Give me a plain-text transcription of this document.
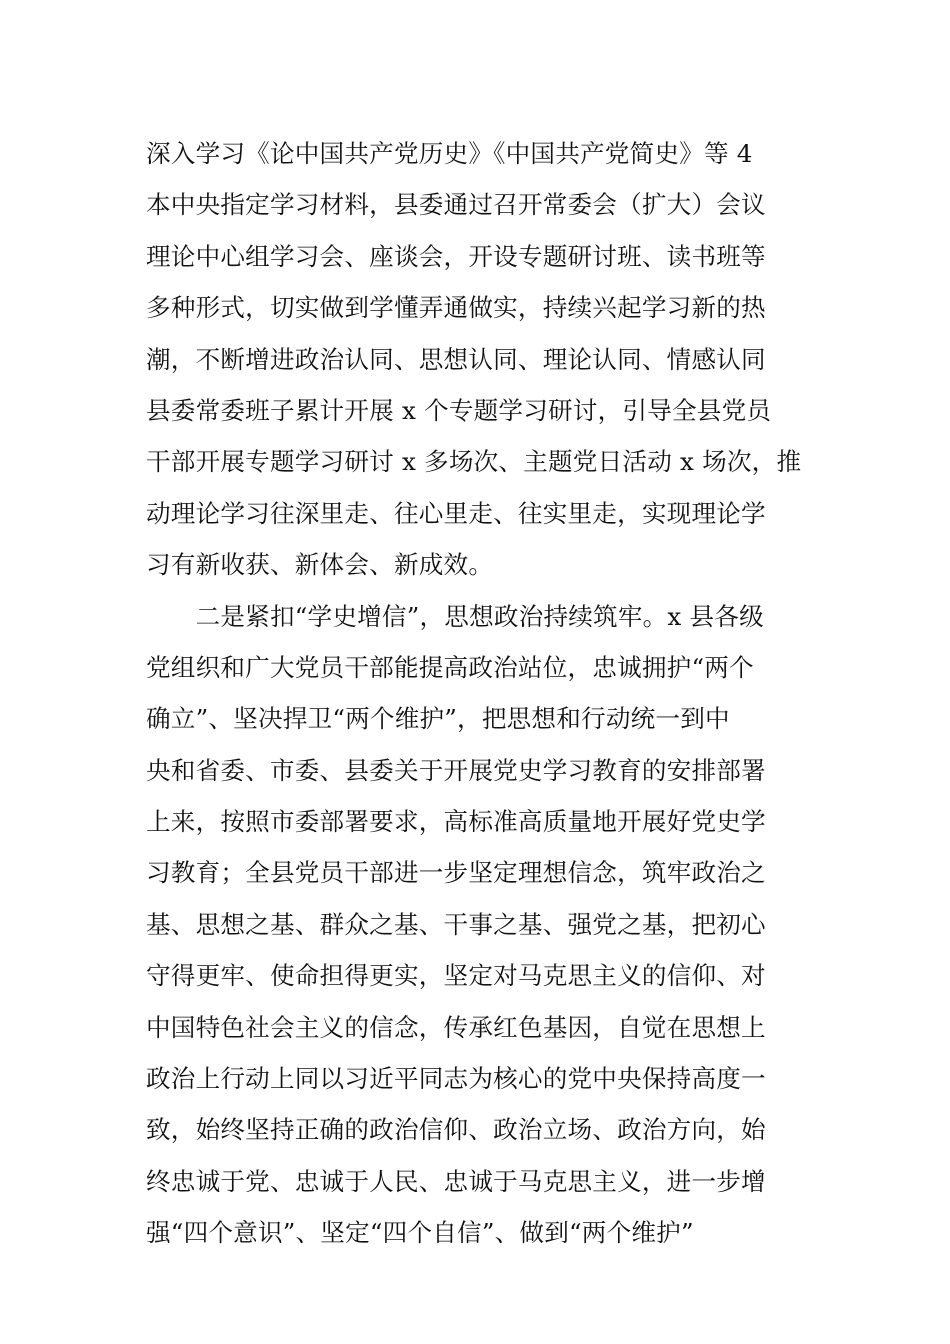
深入学习《论中国共产党历史》《中国共产党简史》等 4
本中央指定学习材料，县委通过召开常委会（扩大）会议
理论中心组学习会、座谈会，开设专题研讨班、读书班等
多种形式，切实做到学懂弄通做实，持续兴起学习新的热
潮，不断增进政治认同、思想认同、理论认同、情感认同
县委常委班子累计开展 x 个专题学习研讨，引导全县党员
干部开展专题学习研讨 x 多场次、主题党日活动 x 场次，推
动理论学习往深里走、往心里走、往实里走，实现理论学
习有新收获、新体会、新成效。
　　二是紧扣“学史增信”，思想政治持续筑牢。x 县各级
党组织和广大党员干部能提高政治站位，忠诚拥护“两个
确立”、坚决捍卫“两个维护”，把思想和行动统一到中
央和省委、市委、县委关于开展党史学习教育的安排部署
上来，按照市委部署要求，高标准高质量地开展好党史学
习教育；全县党员干部进一步坚定理想信念，筑牢政治之
基、思想之基、群众之基、干事之基、强党之基，把初心
守得更牢、使命担得更实，坚定对马克思主义的信仰、对
中国特色社会主义的信念，传承红色基因，自觉在思想上
政治上行动上同以习近平同志为核心的党中央保持高度一
致，始终坚持正确的政治信仰、政治立场、政治方向，始
终忠诚于党、忠诚于人民、忠诚于马克思主义，进一步增
强“四个意识”、坚定“四个自信”、做到“两个维护”
